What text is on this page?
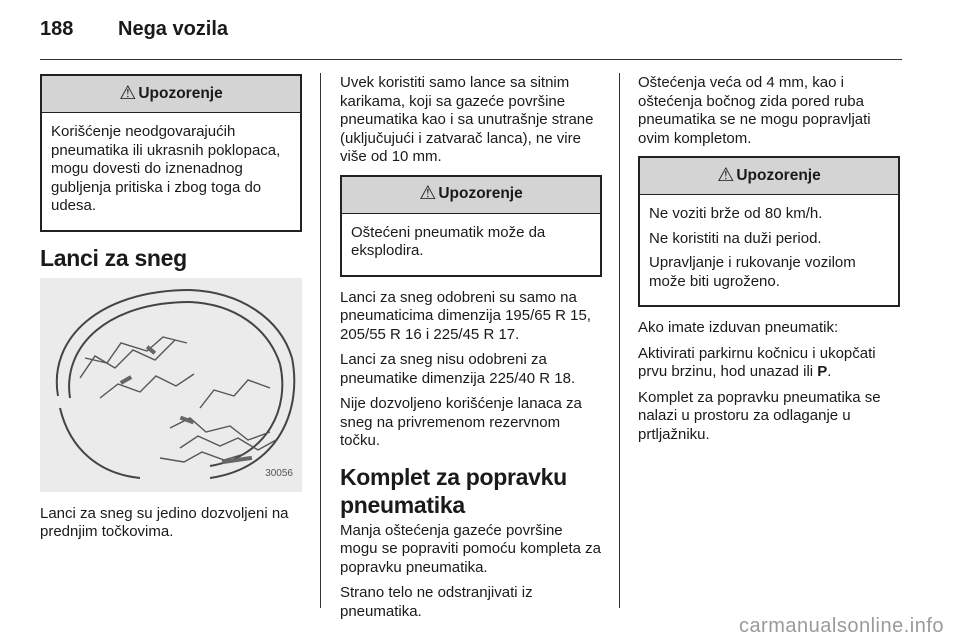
188 Nega vozila
⚠ Upozorenje

Korišćenje neodgovarajućih pneumatika ili ukrasnih poklopaca, mogu dovesti do iznenadnog gubljenja pritiska i zbog toga do udesa.

Lanci za sneg
30056

Lanci za sneg su jedino dozvoljeni na prednjim točkovima.

Uvek koristiti samo lance sa sitnim karikama, koji sa gazeće površine pneumatika kao i sa unutrašnje strane (uključujući i zatvarač lanca), ne vire više od 10 mm.

⚠ Upozorenje

Oštećeni pneumatik može da eksplodira.

Lanci za sneg odobreni su samo na pneumaticima dimenzija 195/65 R 15, 205/55 R 16 i 225/45 R 17.

Lanci za sneg nisu odobreni za pneumatike dimenzija 225/40 R 18.

Nije dozvoljeno korišćenje lanaca za sneg na privremenom rezervnom točku.

Komplet za popravku pneumatika

Manja oštećenja gazeće površine mogu se popraviti pomoću kompleta za popravku pneumatika.

Strano telo ne odstranjivati iz pneumatika.

Oštećenja veća od 4 mm, kao i oštećenja bočnog zida pored ruba pneumatika se ne mogu popravljati ovim kompletom.

⚠ Upozorenje

Ne voziti brže od 80 km/h.

Ne koristiti na duži period.

Upravljanje i rukovanje vozilom može biti ugroženo.

Ako imate izduvan pneumatik:

Aktivirati parkirnu kočnicu i ukopčati prvu brzinu, hod unazad ili P.

Komplet za popravku pneumatika se nalazi u prostoru za odlaganje u prtljažniku.

carmanualsonline.info
